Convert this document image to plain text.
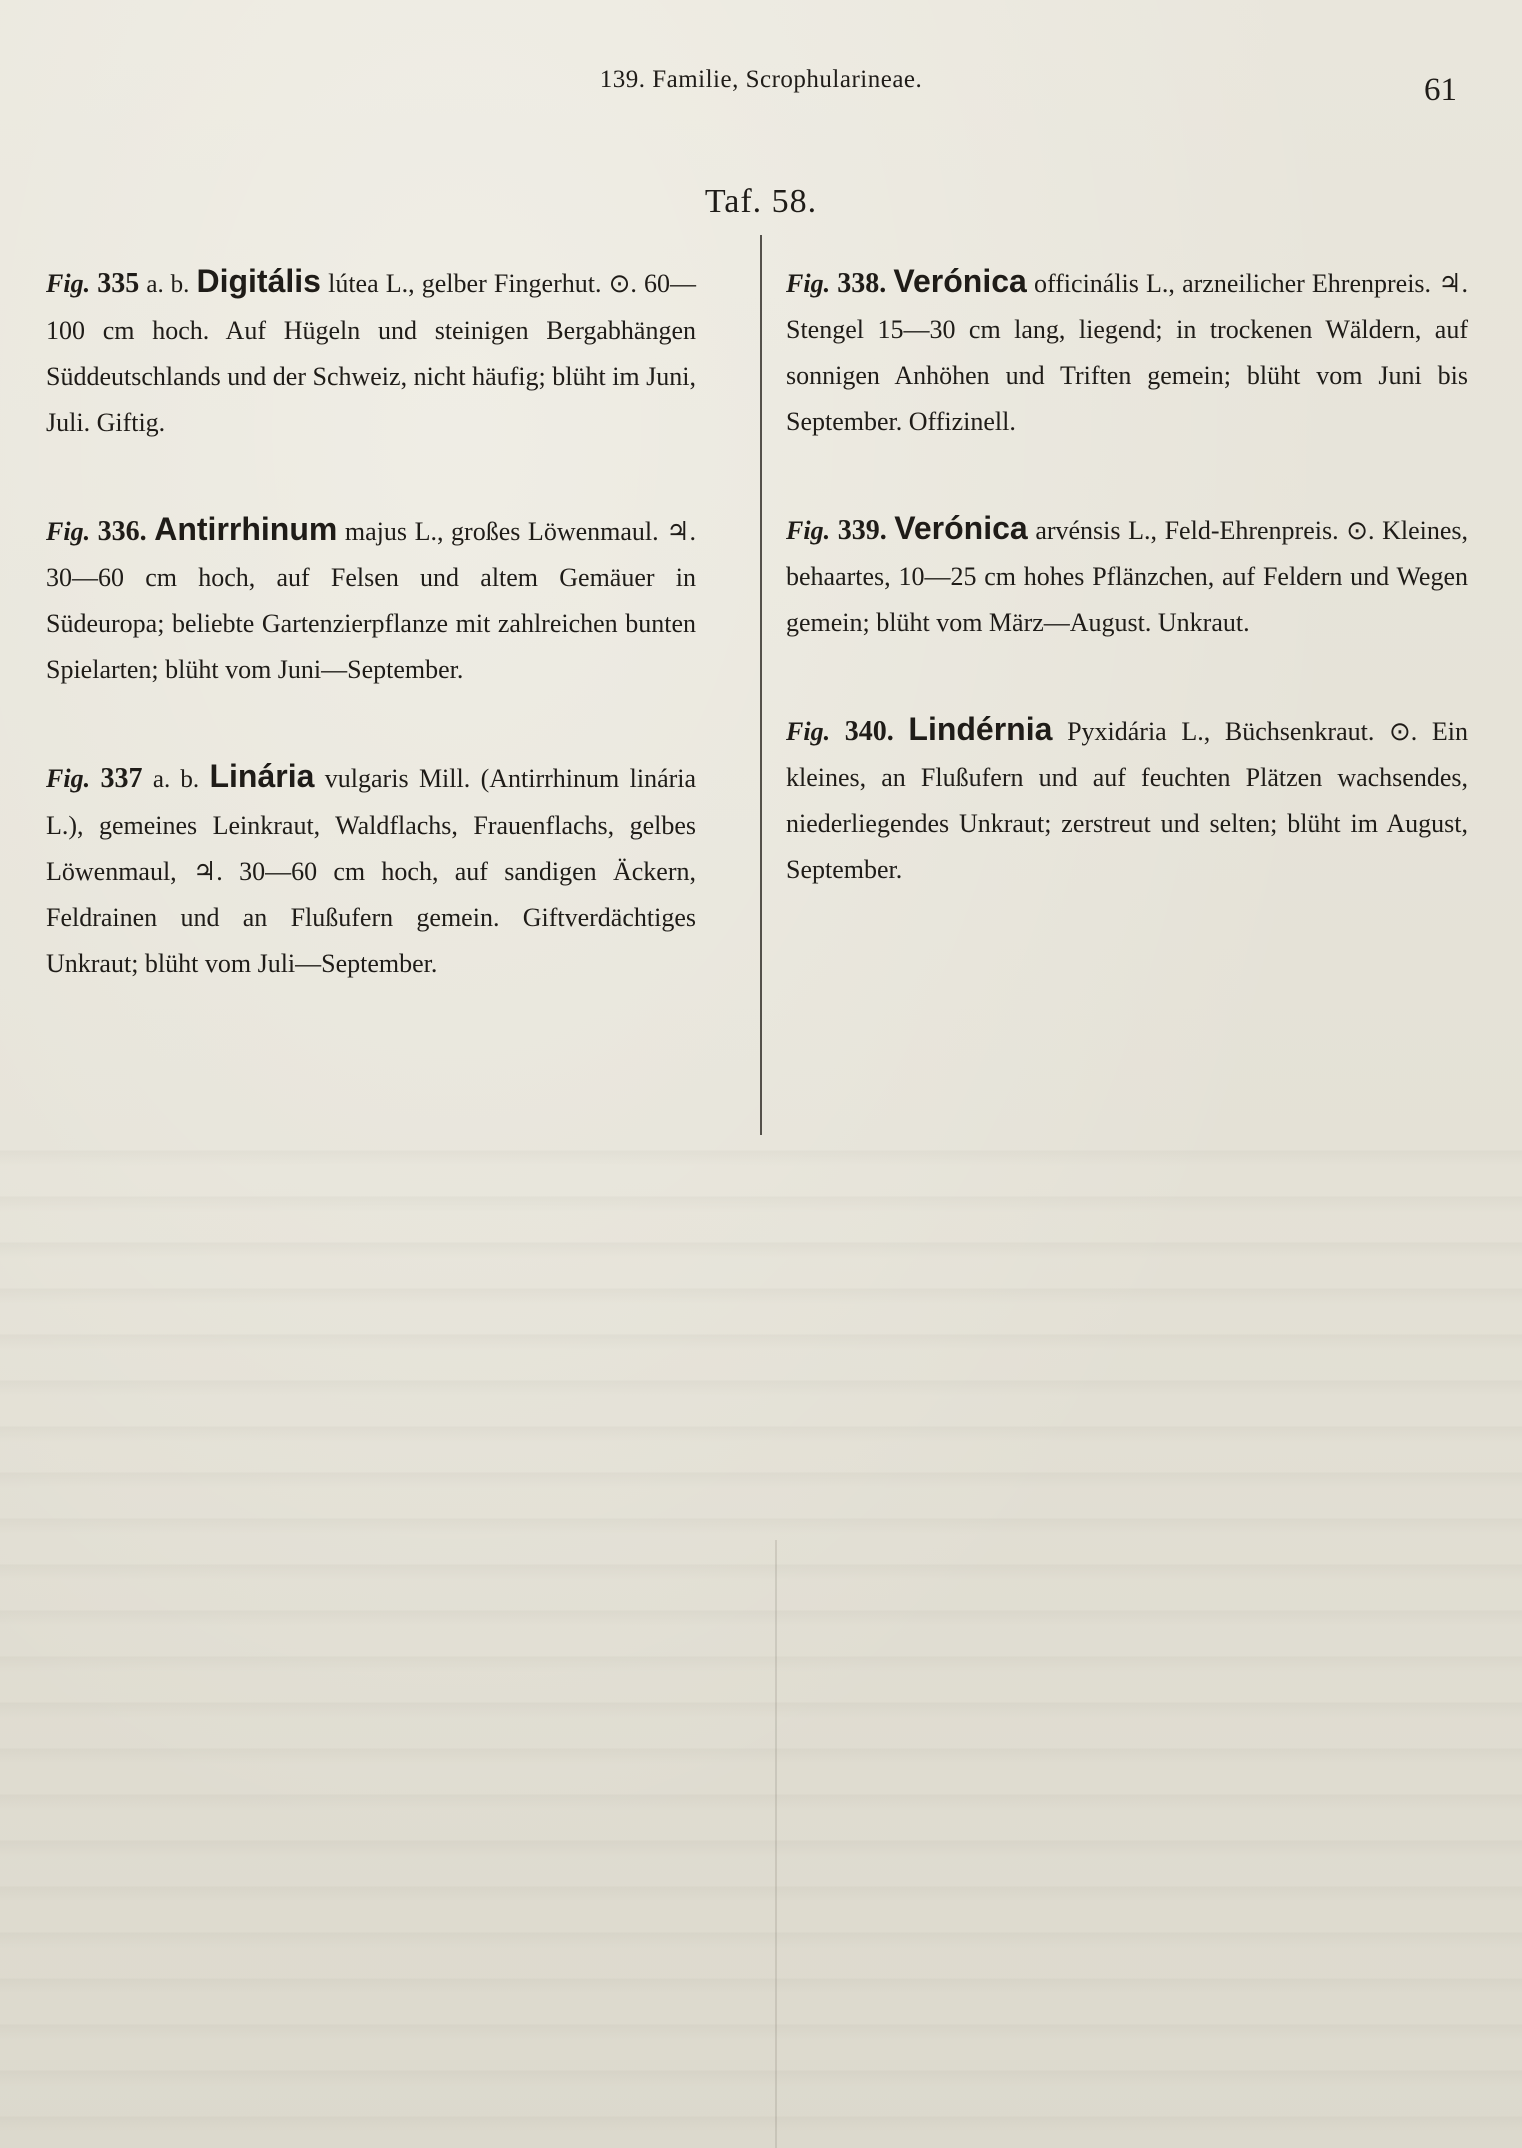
139. Familie, Scrophularineae.	61
Taf. 58.

Fig. 335 a. b. Digitális lútea L., gelber Fingerhut. ⊙. 60—100 cm hoch. Auf Hügeln und steinigen Bergabhängen Süddeutschlands und der Schweiz, nicht häufig; blüht im Juni, Juli. Giftig.

Fig. 336. Antirrhinum majus L., großes Löwenmaul. ♃. 30—60 cm hoch, auf Felsen und altem Gemäuer in Südeuropa; beliebte Gartenzierpflanze mit zahlreichen bunten Spielarten; blüht vom Juni—September.

Fig. 337 a. b. Linária vulgaris Mill. (Antirrhinum linária L.), gemeines Leinkraut, Waldflachs, Frauenflachs, gelbes Löwenmaul, ♃. 30—60 cm hoch, auf sandigen Äckern, Feldrainen und an Flußufern gemein. Giftverdächtiges Unkraut; blüht vom Juli—September.

Fig. 338. Verónica officinális L., arzneilicher Ehrenpreis. ♃. Stengel 15—30 cm lang, liegend; in trockenen Wäldern, auf sonnigen Anhöhen und Triften gemein; blüht vom Juni bis September. Offizinell.

Fig. 339. Verónica arvénsis L., Feld-Ehrenpreis. ⊙. Kleines, behaartes, 10—25 cm hohes Pflänzchen, auf Feldern und Wegen gemein; blüht vom März—August. Unkraut.

Fig. 340. Lindérnia Pyxidária L., Büchsenkraut. ⊙. Ein kleines, an Flußufern und auf feuchten Plätzen wachsendes, niederliegendes Unkraut; zerstreut und selten; blüht im August, September.
